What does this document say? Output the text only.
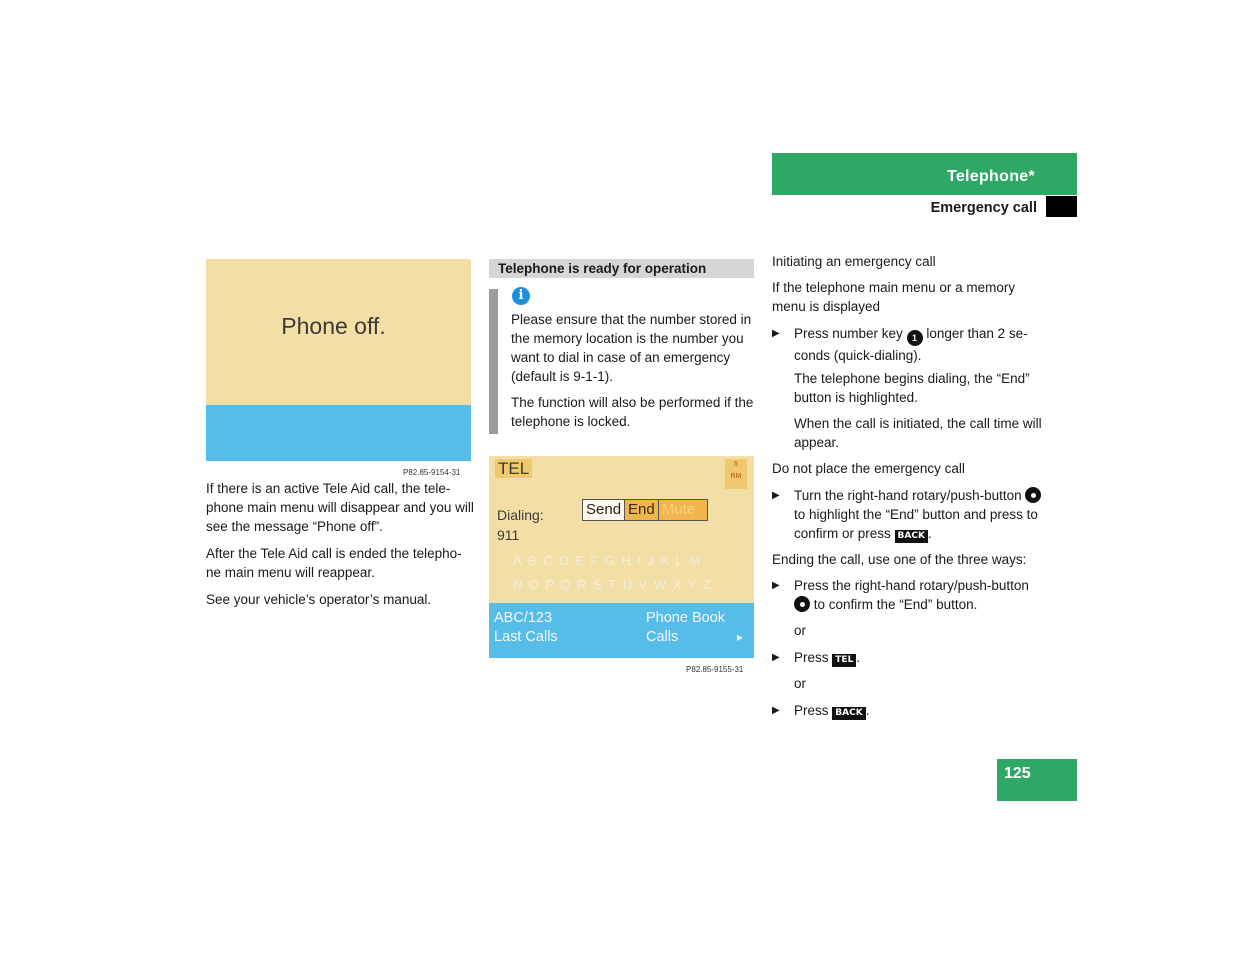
Telephone*
Emergency call
Phone off.
P82.85-9154-31

If there is an active Tele Aid call, the tele-phone main menu will disappear and you will see the message “Phone off”.

After the Tele Aid call is ended the telepho-ne main menu will reappear.

See your vehicle’s operator’s manual.

Telephone is ready for operation
i

Please ensure that the number stored in the memory location is the number you want to dial in case of an emergency (default is 9-1-1).

The function will also be performed if the telephone is locked.

TEL	5
RM
Dialing:
911
Send End Mute
ABCDEFGHIJKLM
NOPQRSTUVWXYZ
ABC/123
Last Calls
Phone Book
Calls	▸
P82.85-9155-31
Initiating an emergency call
If the telephone main menu or a memory menu is displayed
▶ Press number key 1 longer than 2 se-conds (quick-dialing).
The telephone begins dialing, the “End” button is highlighted.
When the call is initiated, the call time will appear.
Do not place the emergency call
▶ Turn the right-hand rotary/push-button  to highlight the “End” button and press to confirm or press BACK .
Ending the call, use one of the three ways:
▶ Press the right-hand rotary/push-button  to confirm the “End” button.
or
▶ Press TEL .
or
▶ Press BACK .
125
